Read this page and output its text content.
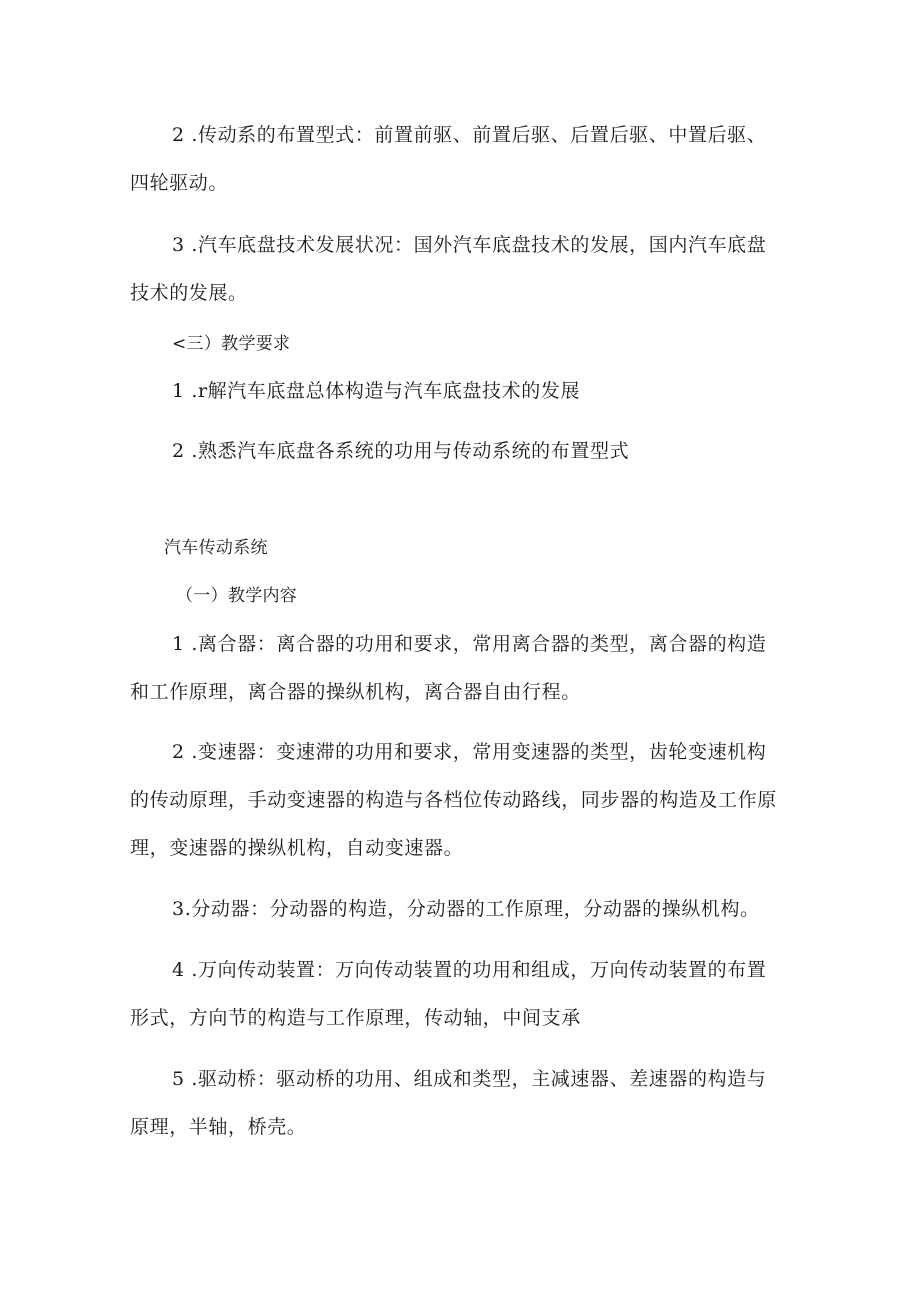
2 .传动系的布置型式：前置前驱、前置后驱、后置后驱、中置后驱、
四轮驱动。
3 .汽车底盘技术发展状况：国外汽车底盘技术的发展，国内汽车底盘
技术的发展。
<三）教学要求
1 .r解汽车底盘总体构造与汽车底盘技术的发展
2 .熟悉汽车底盘各系统的功用与传动系统的布置型式
汽车传动系统
（一）教学内容
1 .离合器：离合器的功用和要求，常用离合器的类型，离合器的构造
和工作原理，离合器的操纵机构，离合器自由行程。
2 .变速器：变速滞的功用和要求，常用变速器的类型，齿轮变速机构
的传动原理，手动变速器的构造与各档位传动路线，同步器的构造及工作原
理，变速器的操纵机构，自动变速器。
3.分动器：分动器的构造，分动器的工作原理，分动器的操纵机构。
4 .万向传动装置：万向传动装置的功用和组成，万向传动装置的布置
形式，方向节的构造与工作原理，传动轴，中间支承
5 .驱动桥：驱动桥的功用、组成和类型，主减速器、差速器的构造与
原理，半轴，桥壳。
